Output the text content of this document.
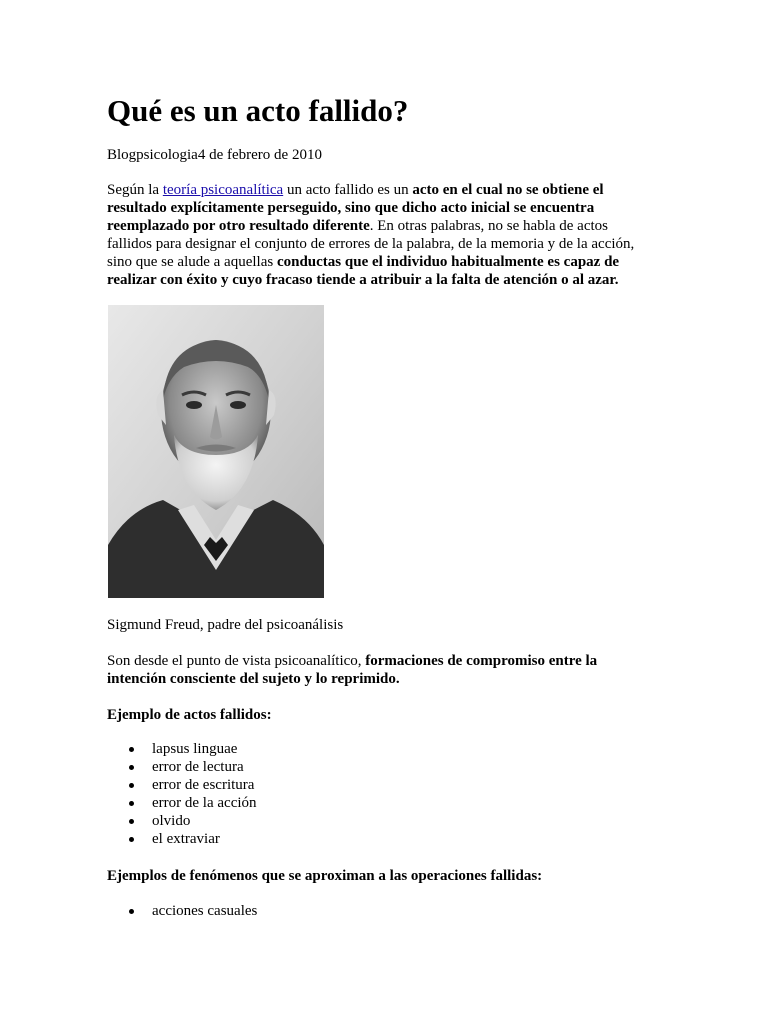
Qué es un acto fallido?

Blogpsicologia4 de febrero de 2010

Según la teoría psicoanalítica un acto fallido es un acto en el cual no se obtiene el resultado explícitamente perseguido, sino que dicho acto inicial se encuentra reemplazado por otro resultado diferente. En otras palabras, no se habla de actos fallidos para designar el conjunto de errores de la palabra, de la memoria y de la acción, sino que se alude a aquellas conductas que el individuo habitualmente es capaz de realizar con éxito y cuyo fracaso tiende a atribuir a la falta de atención o al azar.

Sigmund Freud, padre del psicoanálisis

Son desde el punto de vista psicoanalítico, formaciones de compromiso entre la intención consciente del sujeto y lo reprimido.

Ejemplo de actos fallidos:

lapsus linguae
error de lectura
error de escritura
error de la acción
olvido
el extraviar

Ejemplos de fenómenos que se aproximan a las operaciones fallidas:

acciones casuales
